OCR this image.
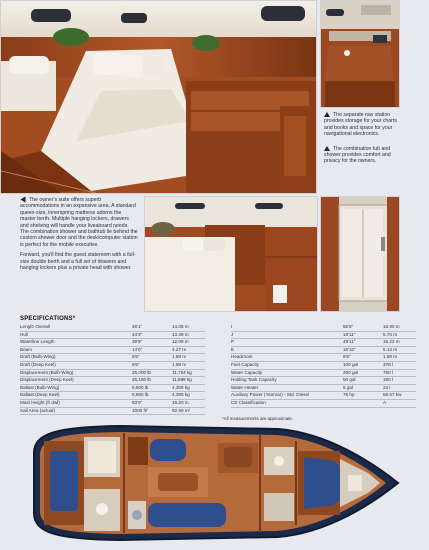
The separate nav station provides storage for your charts and books and space for your navigational electronics.

The combination tub and shower provides comfort and privacy for the owners.

The owner's suite offers superb accommodations in an expansive area. A standard queen-size, innerspring mattress adorns the master berth. Multiple hanging lockers, drawers and shelving will handle your liveaboard needs. The combination shower and bathtub lie behind the custom shower door and the desk/computer station is perfect for the mobile executive.

Forward, you'll find the guest stateroom with a full-size double berth and a full set of drawers and hanging lockers plus a private head with shower.

SPECIFICATIONS*
Length Overall	46'1"	14.05 m
Hull	44'3"	13.49 m
Waterline Length	39'8"	12.09 m
Beam	14'0"	4.27 m
Draft (Bulb-Wing)	5'6"	1.68 m
Draft (Deep Keel)	6'6"	1.98 m
Displacement (Bulb-Wing)	26,000 lb	11,794 kg
Displacement (Deep Keel)	26,180 lb	11,888 kg
Ballast (Bulb-Wing)	9,500 lb	4,309 kg
Ballast (Deep Keel)	9,680 lb	4,395 kg
Mast Height (fr dwl)	63'0"	19.20 m
Sail Area (actual)	1000 ft²	92.90 m²
I	55'5"	16.90 m
J	18'11"	5.76 m
P	49'11"	15.22 m
E	16'10"	5.13 m
Headroom	6'6"	1.98 m
Fuel Capacity	100 gal	378 l
Water Capacity	200 gal	750 l
Holding Tank Capacity	50 gal	180 l
Water Heater	6 gal	23 l
Auxiliary Power (Yanmar) - Std. Diesel	76 hp	56.67 kw
CE Classification	A
*All measurements are approximate.
